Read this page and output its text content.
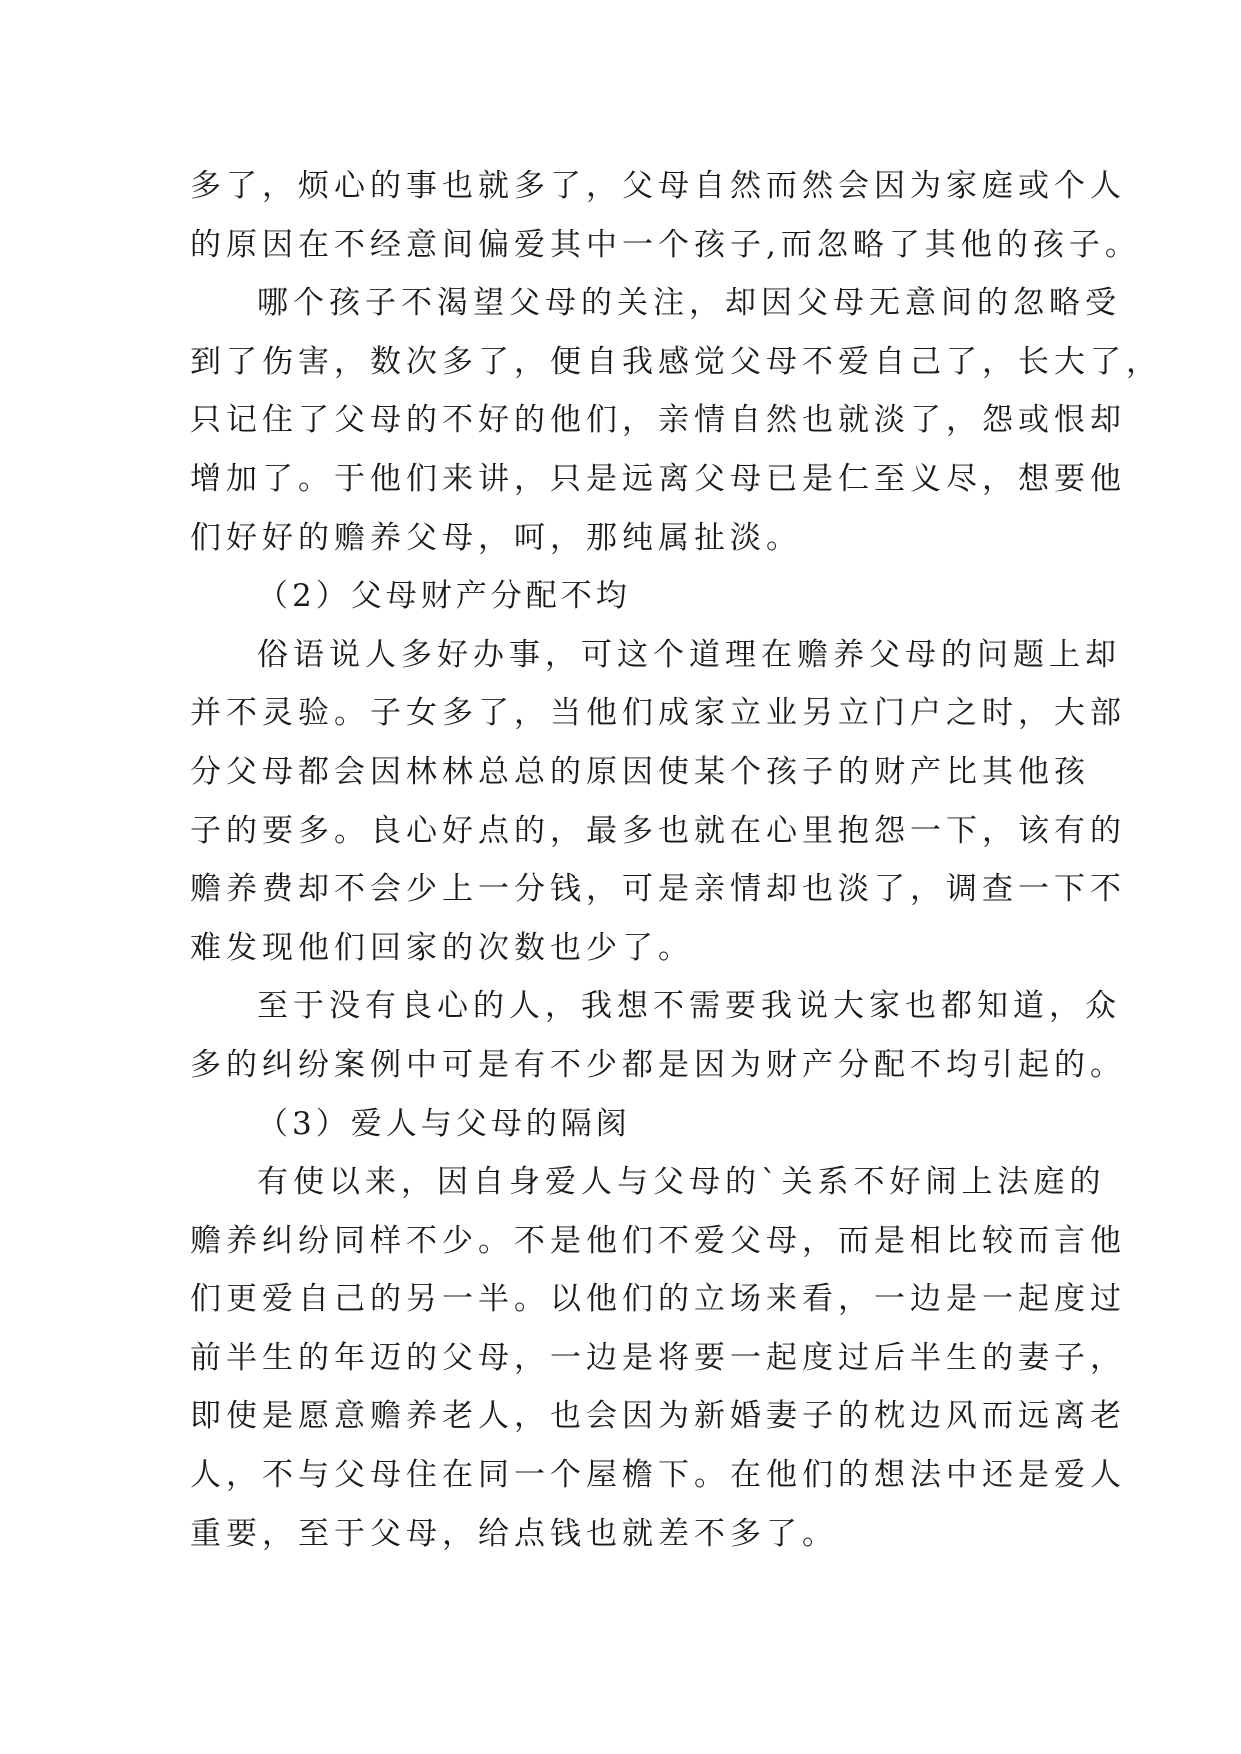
多了，烦心的事也就多了，父母自然而然会因为家庭或个人
的原因在不经意间偏爱其中一个孩子,而忽略了其他的孩子。
哪个孩子不渴望父母的关注，却因父母无意间的忽略受
到了伤害，数次多了，便自我感觉父母不爱自己了，长大了，
只记住了父母的不好的他们，亲情自然也就淡了，怨或恨却
增加了。于他们来讲，只是远离父母已是仁至义尽，想要他
们好好的赡养父母，呵，那纯属扯淡。
（2）父母财产分配不均
俗语说人多好办事，可这个道理在赡养父母的问题上却
并不灵验。子女多了，当他们成家立业另立门户之时，大部
分父母都会因林林总总的原因使某个孩子的财产比其他孩
子的要多。良心好点的，最多也就在心里抱怨一下，该有的
赡养费却不会少上一分钱，可是亲情却也淡了，调查一下不
难发现他们回家的次数也少了。
至于没有良心的人，我想不需要我说大家也都知道，众
多的纠纷案例中可是有不少都是因为财产分配不均引起的。
（3）爱人与父母的隔阂
有使以来，因自身爱人与父母的`关系不好闹上法庭的
赡养纠纷同样不少。不是他们不爱父母，而是相比较而言他
们更爱自己的另一半。以他们的立场来看，一边是一起度过
前半生的年迈的父母，一边是将要一起度过后半生的妻子，
即使是愿意赡养老人，也会因为新婚妻子的枕边风而远离老
人，不与父母住在同一个屋檐下。在他们的想法中还是爱人
重要，至于父母，给点钱也就差不多了。
